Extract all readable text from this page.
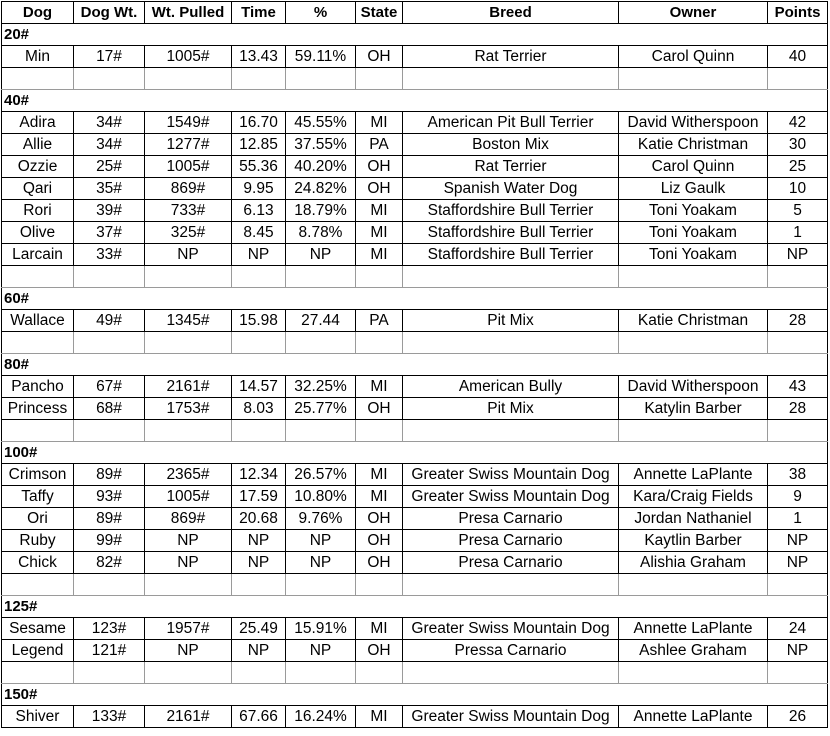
Dog	Dog Wt.	Wt. Pulled	Time	%	State	Breed	Owner	Points
20#								
Min	17#	1005#	13.43	59.11%	OH	Rat Terrier	Carol Quinn	40

40#								
Adira	34#	1549#	16.70	45.55%	MI	American Pit Bull Terrier	David Witherspoon	42
Allie	34#	1277#	12.85	37.55%	PA	Boston Mix	Katie Christman	30
Ozzie	25#	1005#	55.36	40.20%	OH	Rat Terrier	Carol Quinn	25
Qari	35#	869#	9.95	24.82%	OH	Spanish Water Dog	Liz Gaulk	10
Rori	39#	733#	6.13	18.79%	MI	Staffordshire Bull Terrier	Toni Yoakam	5
Olive	37#	325#	8.45	8.78%	MI	Staffordshire Bull Terrier	Toni Yoakam	1
Larcain	33#	NP	NP	NP	MI	Staffordshire Bull Terrier	Toni Yoakam	NP

60#								
Wallace	49#	1345#	15.98	27.44	PA	Pit Mix	Katie Christman	28

80#								
Pancho	67#	2161#	14.57	32.25%	MI	American Bully	David Witherspoon	43
Princess	68#	1753#	8.03	25.77%	OH	Pit Mix	Katylin Barber	28

100#								
Crimson	89#	2365#	12.34	26.57%	MI	Greater Swiss Mountain Dog	Annette LaPlante	38
Taffy	93#	1005#	17.59	10.80%	MI	Greater Swiss Mountain Dog	Kara/Craig Fields	9
Ori	89#	869#	20.68	9.76%	OH	Presa Carnario	Jordan Nathaniel	1
Ruby	99#	NP	NP	NP	OH	Presa Carnario	Kaytlin Barber	NP
Chick	82#	NP	NP	NP	OH	Presa Carnario	Alishia Graham	NP

125#								
Sesame	123#	1957#	25.49	15.91%	MI	Greater Swiss Mountain Dog	Annette LaPlante	24
Legend	121#	NP	NP	NP	OH	Pressa Carnario	Ashlee Graham	NP

150#								
Shiver	133#	2161#	67.66	16.24%	MI	Greater Swiss Mountain Dog	Annette LaPlante	26
